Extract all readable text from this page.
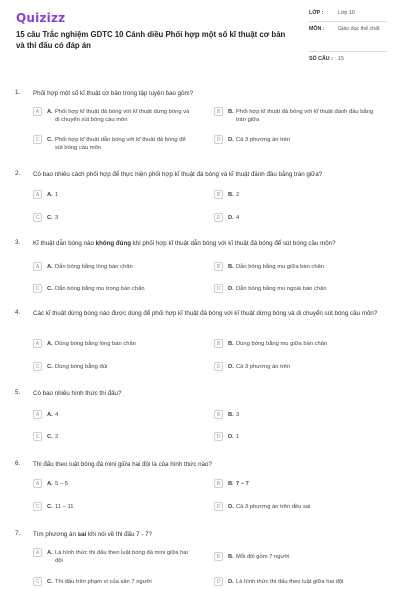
Quizizz
15 câu Trắc nghiệm GDTC 10 Cánh diều Phối hợp một số kĩ thuật cơ bản và thi đấu có đáp án
LỚP :	Lớp 10
MÔN :	Giáo dục thể chất
SỐ CÂU : 15
1. Phối hợp một số kĩ thuật cơ bản trong tập luyện bao gồm?
A	A. Phối hợp kĩ thuật đá bóng với kĩ thuật dừng bóng và di chuyển sút bóng cầu môn
B	B. Phối hợp kĩ thuật đá bóng với kĩ thuật đánh đầu bằng trán giữa
C	C. Phối hợp kĩ thuật dẫn bóng với kĩ thuật đá bóng để sút bóng cầu môn
D	D. Cả 3 phương án trên
2. Có bao nhiêu cách phối hợp để thực hiện phối hợp kĩ thuật đá bóng và kĩ thuật đánh đầu bằng trán giữa?
A	A. 1	B	B. 2
C	C. 3	D	D. 4
3. Kĩ thuật dẫn bóng nào không đúng khi phối hợp kĩ thuật dẫn bóng với kĩ thuật đá bóng để sút bóng cầu môn?
A	A. Dẫn bóng bằng lòng bàn chân	B	B. Dẫn bóng bằng mu giữa bàn chân
C	C. Dẫn bóng bằng mu trong bàn chân	D	D. Dẫn bóng bằng mu ngoài bàn chân
4. Các kĩ thuật dừng bóng nào được dùng để phối hợp kĩ thuật đá bóng với kĩ thuật dừng bóng và di chuyển sút bóng cầu môn?
A	A. Dùng bóng bằng lòng bàn chân	B	B. Dùng bóng bằng mu giữa bàn chân
C	C. Dùng bóng bằng đùi	D	D. Cả 3 phương án trên
5. Có bao nhiêu hình thức thi đấu?
A	A. 4	B	B. 3
C	C. 2	D	D. 1
6. Thi đấu theo luật bóng đá mini giữa hai đội là của hình thức nào?
A	A. 5 – 5	B	B. 7 – 7
C	C. 11 – 11	D	D. Cả 3 phương án trên đều sai
7. Tìm phương án sai khi nói về thi đấu 7 - 7?
A	A. Là hình thức thi đấu theo luật bóng đá mini giữa hai đội
B	B. Mỗi đội gồm 7 người
C	C. Thi đấu trên phạm vi của sân 7 người	D	D. Là hình thức thi đấu theo luật giữa hai đội
